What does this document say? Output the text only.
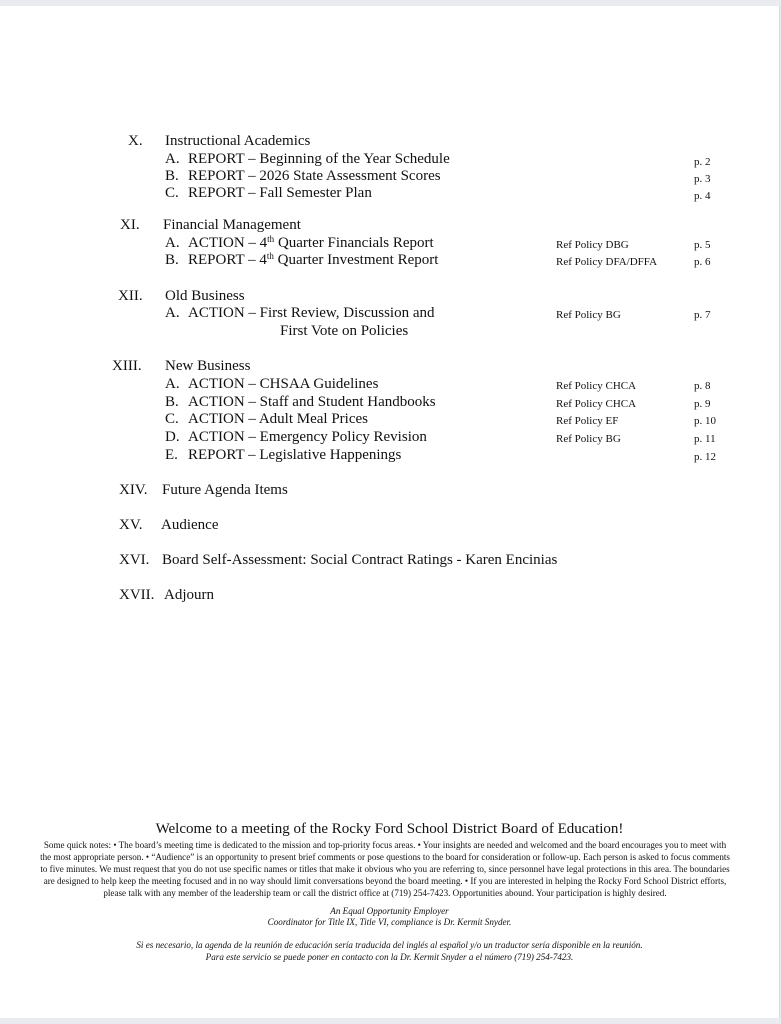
X. Instructional Academics
A. REPORT – Beginning of the Year Schedule	p. 2
B. REPORT – 2026 State Assessment Scores	p. 3
C. REPORT – Fall Semester Plan	p. 4
XI. Financial Management
A. ACTION – 4th Quarter Financials Report	Ref Policy DBG	p. 5
B. REPORT – 4th Quarter Investment Report	Ref Policy DFA/DFFA	p. 6
XII. Old Business
A. ACTION – First Review, Discussion and
First Vote on Policies
Ref Policy BG	p. 7
XIII. New Business
A. ACTION – CHSAA Guidelines	Ref Policy CHCA	p. 8
B. ACTION – Staff and Student Handbooks	Ref Policy CHCA	p. 9
C. ACTION – Adult Meal Prices	Ref Policy EF	p. 10
D. ACTION – Emergency Policy Revision	Ref Policy BG	p. 11
E. REPORT – Legislative Happenings	p. 12
XIV. Future Agenda Items
XV. Audience
XVI. Board Self-Assessment: Social Contract Ratings - Karen Encinias
XVII. Adjourn
Welcome to a meeting of the Rocky Ford School District Board of Education!
Some quick notes: • The board’s meeting time is dedicated to the mission and top-priority focus areas. • Your insights are needed and welcomed and the board encourages you to meet with the most appropriate person. • “Audience” is an opportunity to present brief comments or pose questions to the board for consideration or follow-up. Each person is asked to focus comments to five minutes. We must request that you do not use specific names or titles that make it obvious who you are referring to, since personnel have legal protections in this area. The boundaries are designed to help keep the meeting focused and in no way should limit conversations beyond the board meeting. • If you are interested in helping the Rocky Ford School District efforts, please talk with any member of the leadership team or call the district office at (719) 254-7423. Opportunities abound. Your participation is highly desired.
An Equal Opportunity Employer
Coordinator for Title IX, Title VI, compliance is Dr. Kermit Snyder.
Si es necesario, la agenda de la reunión de educación sería traducida del inglés al español y/o un traductor sería disponible en la reunión.
Para este servicio se puede poner en contacto con la Dr. Kermit Snyder a el número (719) 254-7423.
